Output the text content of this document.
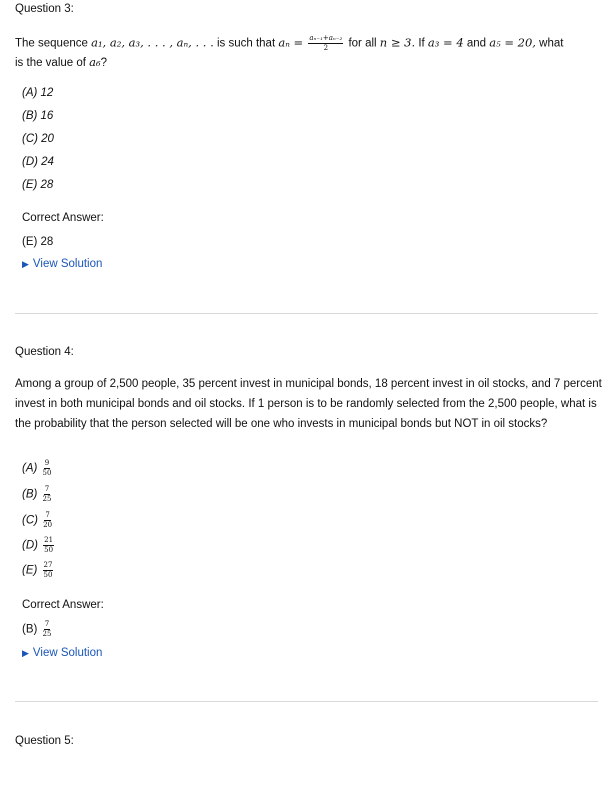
Question 3:
The sequence a₁, a₂, a₃, . . . , aₙ, . . . is such that $a_n = \frac{\text{aₙ₋₁+aₙ₋₂}}{2}$ for all n ≥ 3. If a₃ = 4 and a₅ = 20, what
is the value of a₆?
(A) 12
(B) 16
(C) 20
(D) 24
(E) 28
Correct Answer:
(E) 28
▶ View Solution
Question 4:
Among a group of 2,500 people, 35 percent invest in municipal bonds, 18 percent invest in oil stocks, and 7 percent invest in both municipal bonds and oil stocks. If 1 person is to be randomly selected from the 2,500 people, what is the probability that the person selected will be one who invests in municipal bonds but NOT in oil stocks?
$(A) \frac{9}{50}$
$(B) \frac{7}{25}$
$(C) \frac{7}{20}$
$(D) \frac{21}{50}$
$(E) \frac{27}{50}$
Correct Answer:
$(B) \frac{7}{25}$
▶ View Solution
Question 5:
